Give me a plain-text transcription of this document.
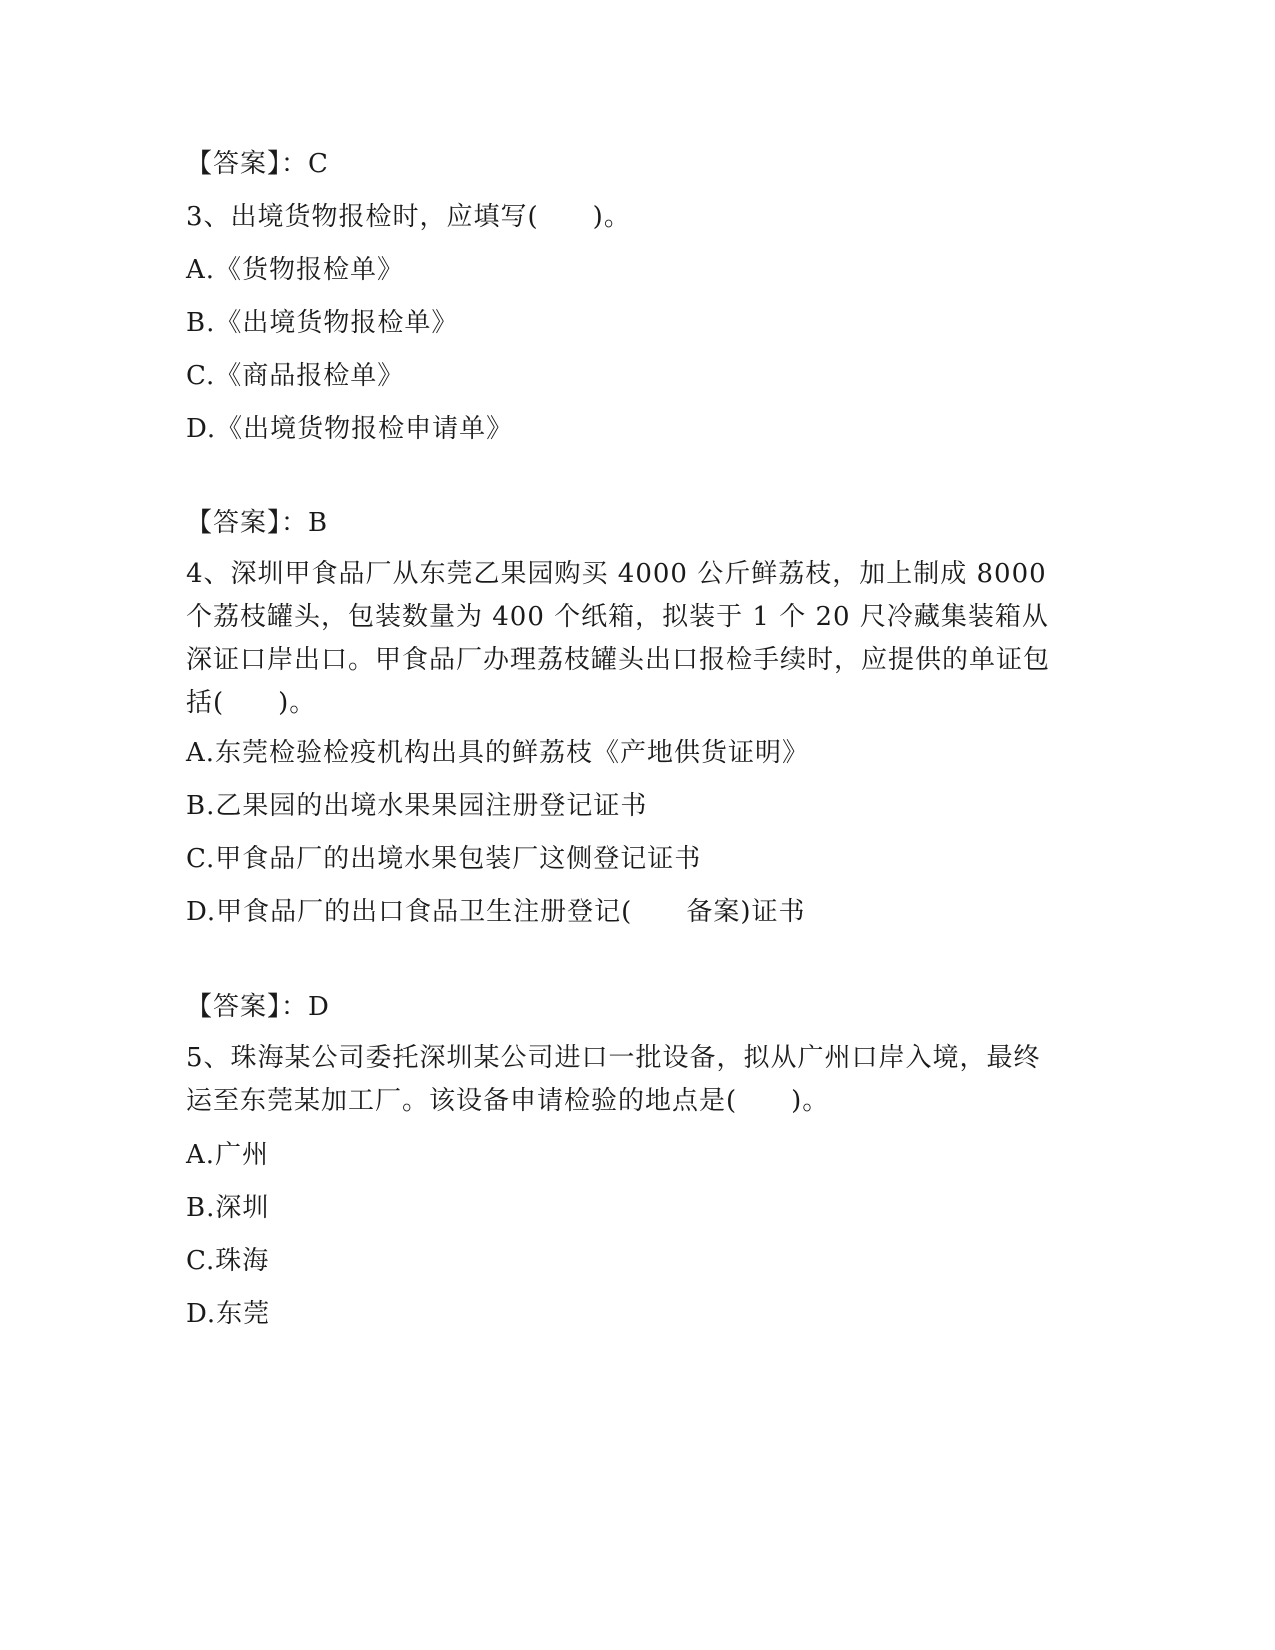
【答案】：C
3、出境货物报检时，应填写(　　)。
A.《货物报检单》
B.《出境货物报检单》
C.《商品报检单》
D.《出境货物报检申请单》
【答案】：B
4、深圳甲食品厂从东莞乙果园购买 4000 公斤鲜荔枝，加上制成 8000 个荔枝罐头，包装数量为 400 个纸箱，拟装于 1 个 20 尺冷藏集装箱从深证口岸出口。甲食品厂办理荔枝罐头出口报检手续时，应提供的单证包括(　　)。
A.东莞检验检疫机构出具的鲜荔枝《产地供货证明》
B.乙果园的出境水果果园注册登记证书
C.甲食品厂的出境水果包装厂这侧登记证书
D.甲食品厂的出口食品卫生注册登记(　　备案)证书
【答案】：D
5、珠海某公司委托深圳某公司进口一批设备，拟从广州口岸入境，最终运至东莞某加工厂。该设备申请检验的地点是(　　)。
A.广州
B.深圳
C.珠海
D.东莞
